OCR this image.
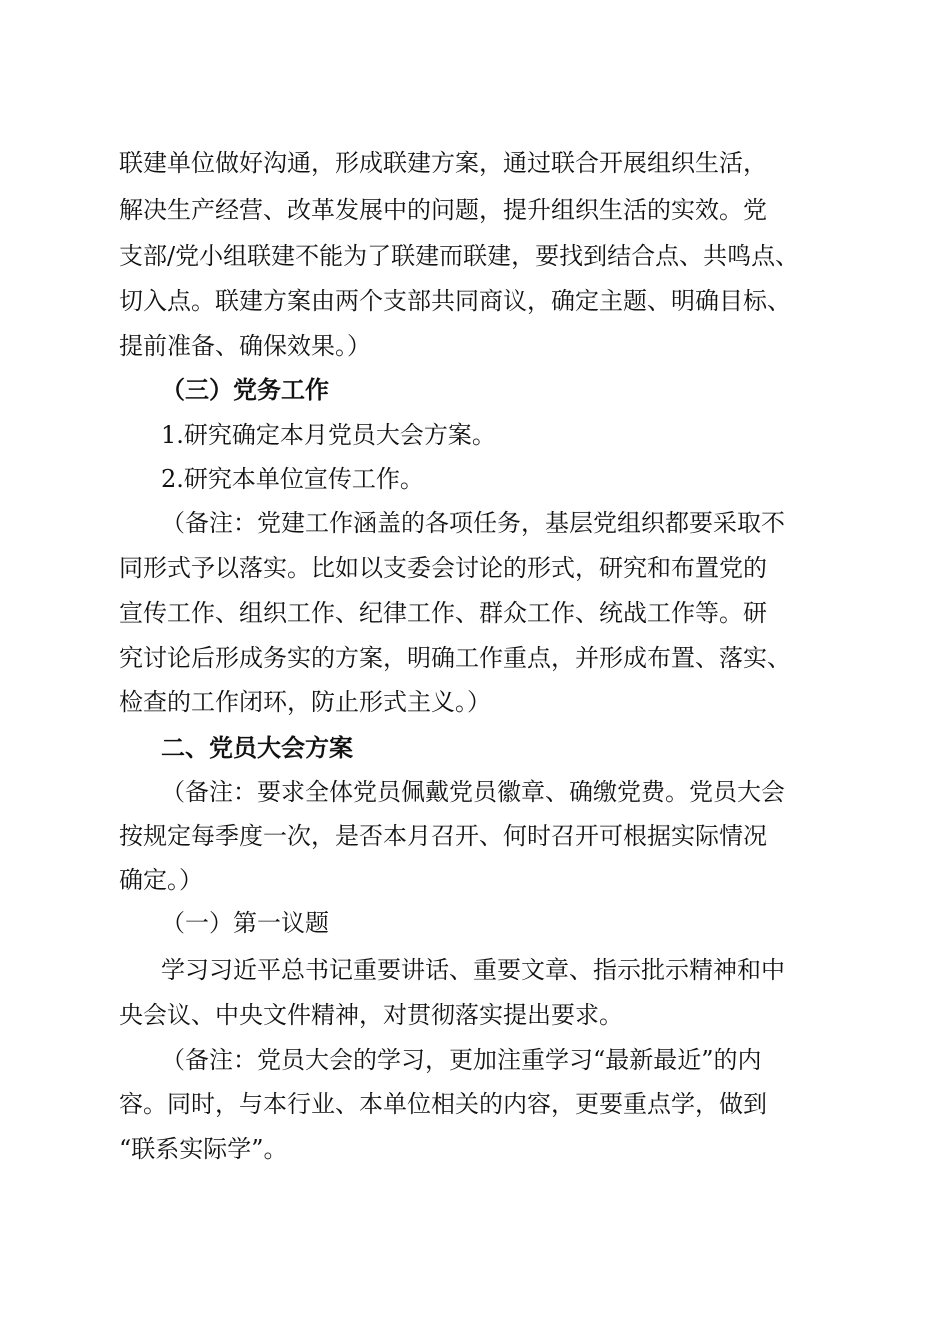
联建单位做好沟通，形成联建方案，通过联合开展组织生活，
解决生产经营、改革发展中的问题，提升组织生活的实效。党
支部/党小组联建不能为了联建而联建，要找到结合点、共鸣点、
切入点。联建方案由两个支部共同商议，确定主题、明确目标、
提前准备、确保效果。）
（三）党务工作
1.研究确定本月党员大会方案。
2.研究本单位宣传工作。
（备注：党建工作涵盖的各项任务，基层党组织都要采取不
同形式予以落实。比如以支委会讨论的形式，研究和布置党的
宣传工作、组织工作、纪律工作、群众工作、统战工作等。研
究讨论后形成务实的方案，明确工作重点，并形成布置、落实、
检查的工作闭环，防止形式主义。）
二、党员大会方案
（备注：要求全体党员佩戴党员徽章、确缴党费。党员大会
按规定每季度一次，是否本月召开、何时召开可根据实际情况
确定。）
（一）第一议题
学习习近平总书记重要讲话、重要文章、指示批示精神和中
央会议、中央文件精神，对贯彻落实提出要求。
（备注：党员大会的学习，更加注重学习“最新最近”的内
容。同时，与本行业、本单位相关的内容，更要重点学，做到
“联系实际学”。
